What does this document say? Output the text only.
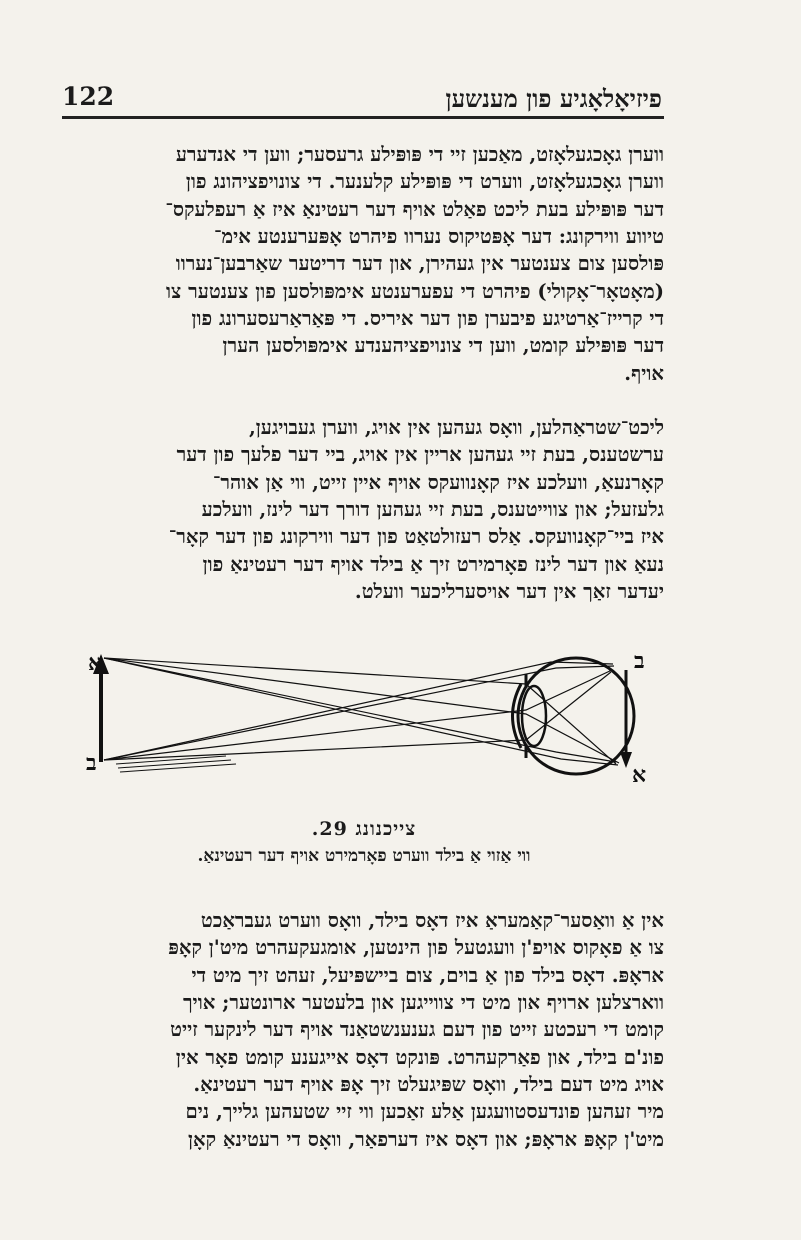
122	פיזיאָלאָגיע פון מענשען
ווערן גאָכגעלאָזט, מאַכען זיי די פּופּילע גרעסער; ווען די אנדערע
ווערן גאָכגעלאָזט, ווערט די פּופּילע קלענער. די צונויפציהונג פון
דער פּופּילע בעת ליכט פאַלט אויף דער רעטינאַ איז אַ רעפלעקס־
טיווע ווירקונג: דער אָפּטיקוס נערוו פיהרט אָפּערענטע אימ־
פּולסען צום צענטער אין געהירן, און דער דריטער שאַרבען־נערוו
(מאָטאָר־אָקולי) פיהרט די עפערענטע אימפּולסען פון צענטער צו
די קרייז־אַרטיגע פיבערן פון דער איריס. די פּאַראַרעסערונג פון
דער פּופּילע קומט, ווען די צונויפציהענדע אימפּולסען הערן
אויף.
ליכט־שטראַהלען, וואָס געהען אין אויג, ווערן געבויגען,
ערשטענס, בעת זיי געהען אריין אין אויג, ביי דער פלעך פון דער
קאָרנעאַ, וועלכע איז קאָנוועקס אויף איין זייט, ווי אַן אוהר־
גלעזעל; און צווייטענס, בעת זיי געהען דורך דער לינז, וועלכע
איז ביי־קאָנוועקס. אַלס רעזולטאַט פון דער ווירקונג פון דער קאָר־
נעאַ און דער לינז פאָרמירט זיך אַ בילד אויף דער רעטינאַ פון
יעדער זאַך אין דער אויסערליכער וועלט.
א
ב
ב
א

צייכנונג 29.

ווי אַזוי אַ בילד ווערט פאָרמירט אויף דער רעטינאַ.

אין אַ וואַסער־קאַמעראַ איז דאָס בילד, וואָס ווערט געבראַכט
צו אַ פאָקוס אויפ'ן וועגטעל פון הינטען, אומגעקעהרט מיט'ן קאָפּ
אראָפּ. דאָס בילד פון אַ בוים, צום ביישפּיעל, זעהט זיך מיט די
ווארצלען ארויף און מיט די צווייגען און בלעטער ארונטער; אויך
קומט די רעכטע זייט פון דעם גענענשטאַנד אויף דער לינקער זייט
פונ'ם בילד, און פאַרקעהרט. פּונקט דאָס אייגענע קומט פאָר אין
אויג מיט דעם בילד, וואָס שפּיגעלט זיך אָפּ אויף דער רעטינאַ.
מיר זעהען פונדעסטוועגען אַלע זאַכען ווי זיי שטעהען גלייך, נים
מיט'ן קאָפּ אראָפּ; און דאָס איז דערפאַר, וואָס די רעטינאַ קאָן
